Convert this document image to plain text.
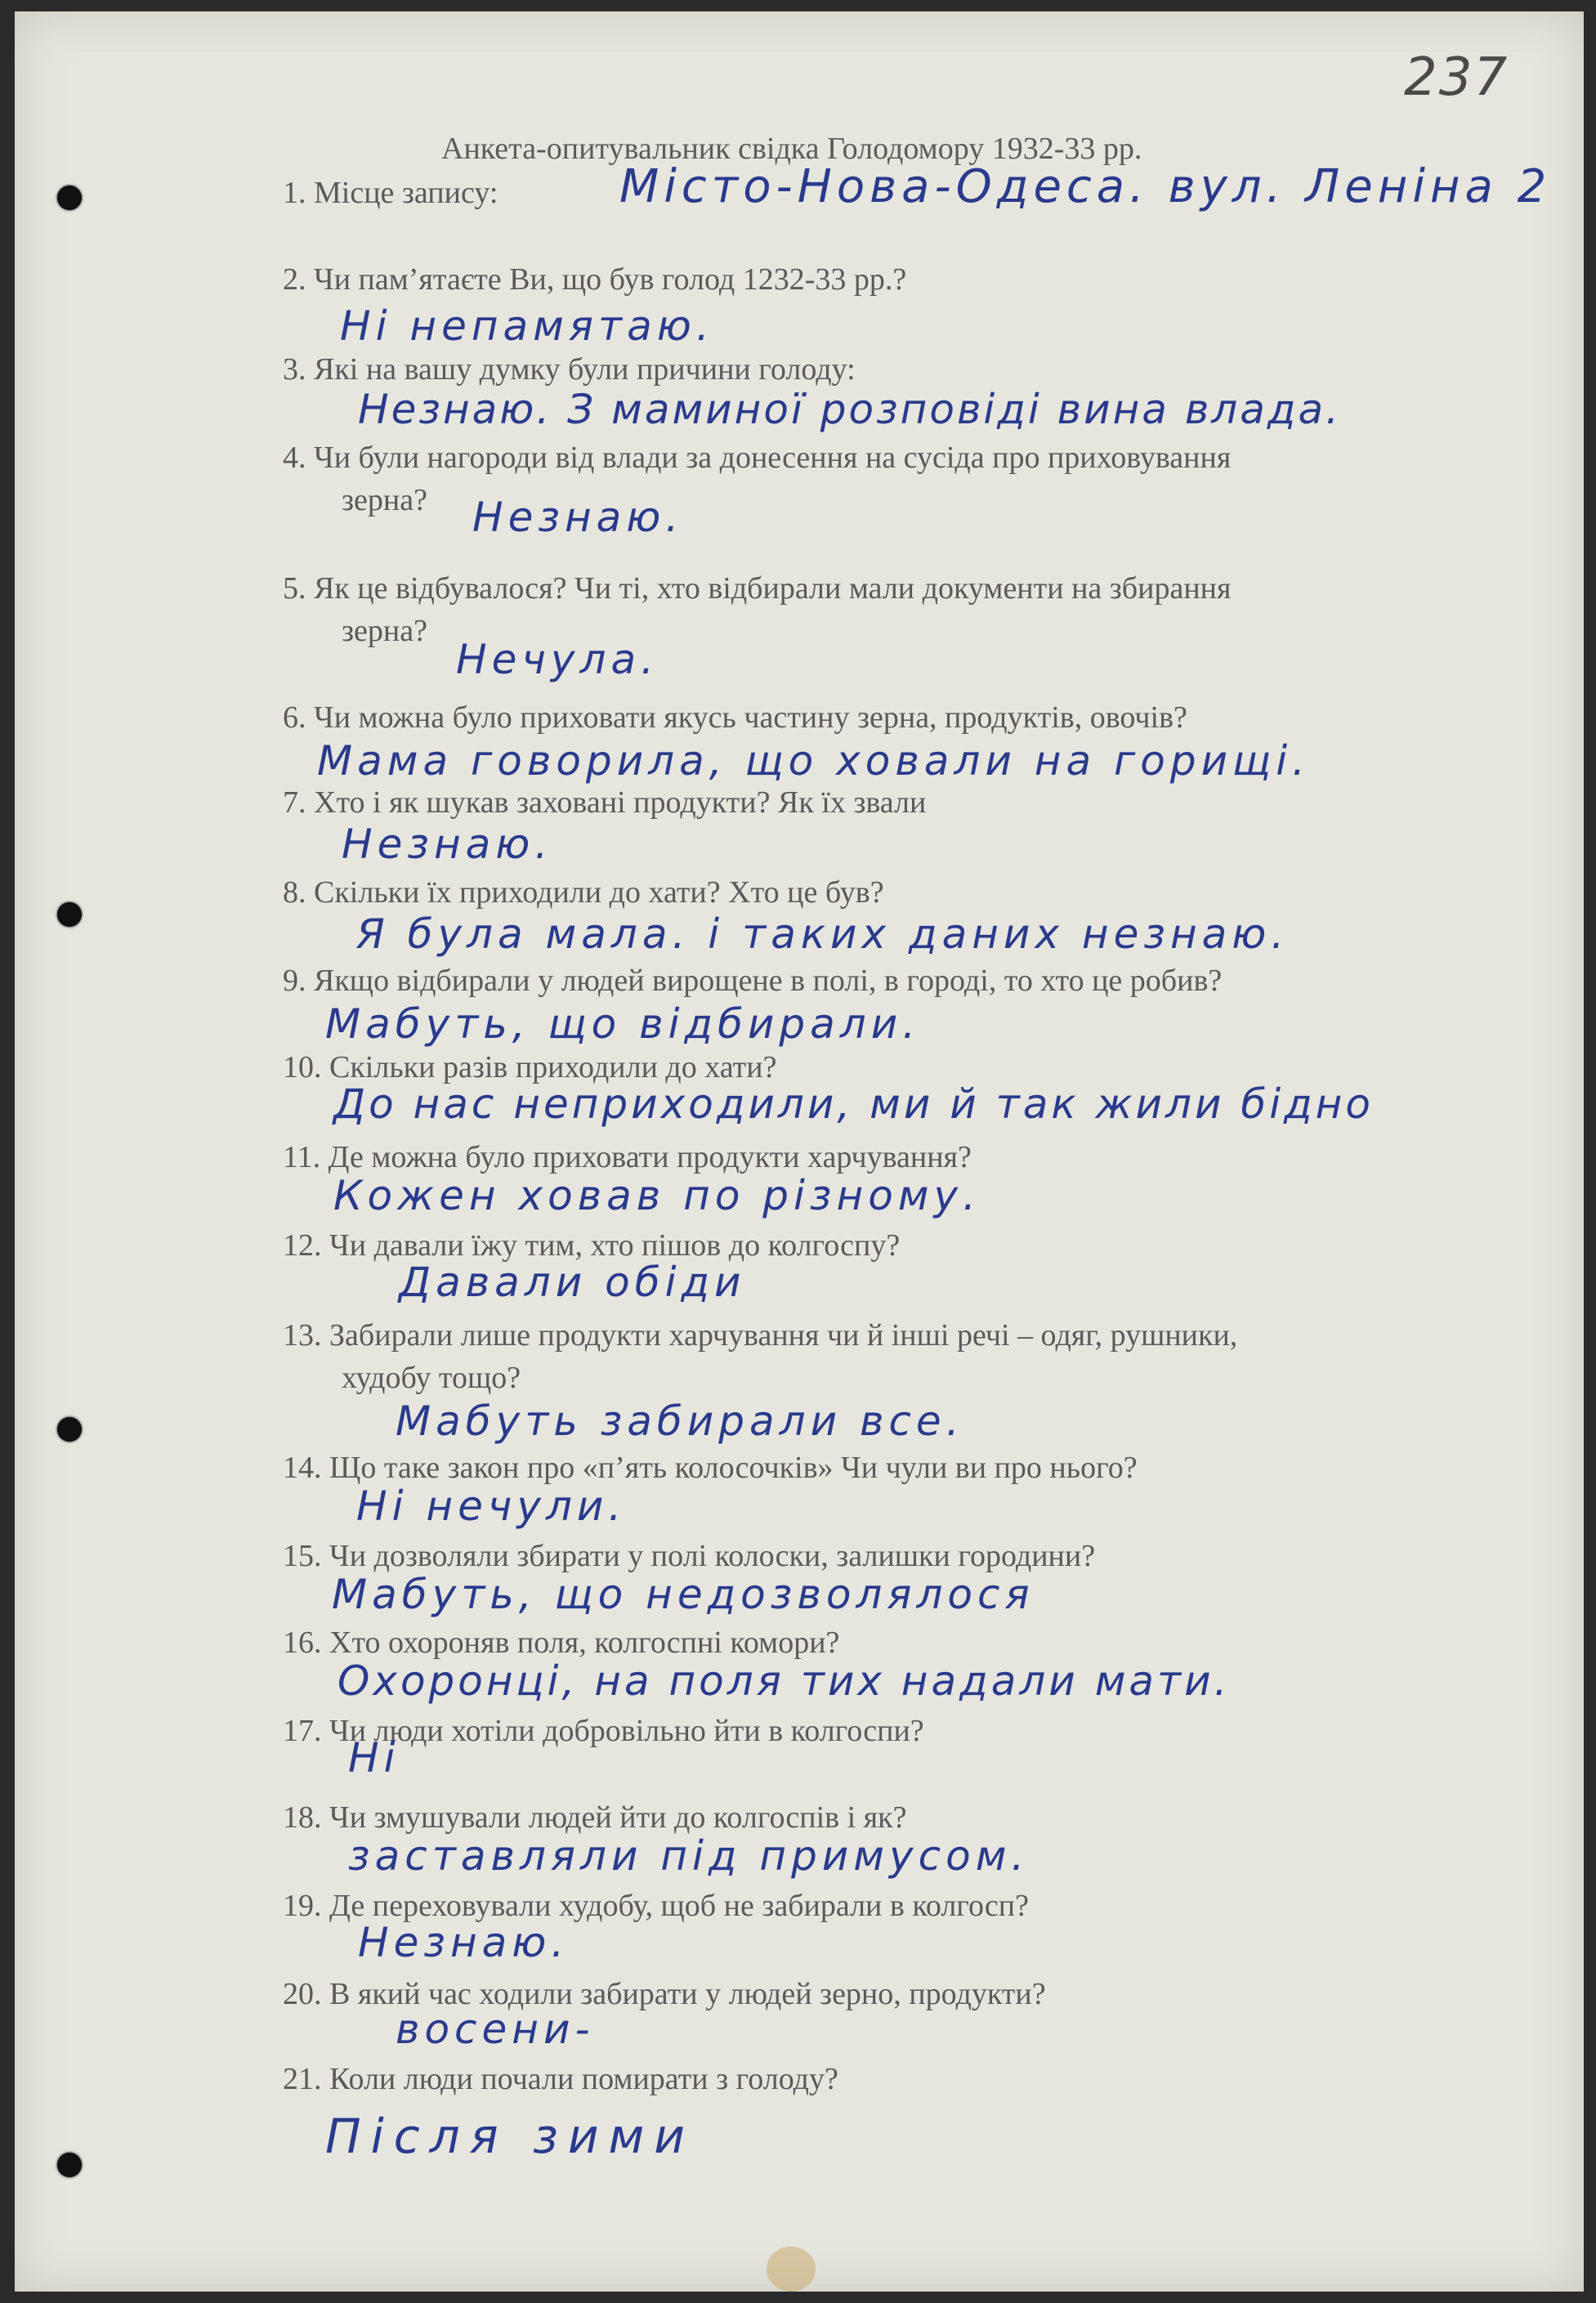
237
Анкета-опитувальник свідка Голодомору 1932-33 рр.
1. Місце запису:	Місто-Нова-Одеса. вул. Леніна 2
2. Чи пам’ятаєте Ви, що був голод 1232-33 рр.?
Ні непамятаю.
3. Які на вашу думку були причини голоду:
Незнаю. З маминої розповіді вина влада.
4. Чи були нагороди від влади за донесення на сусіда про приховування
зерна?	Незнаю.
5. Як це відбувалося? Чи ті, хто відбирали мали документи на збирання
зерна?
Нечула.
6. Чи можна було приховати якусь частину зерна, продуктів, овочів?
Мама говорила, що ховали на горищі.
7. Хто і як шукав заховані продукти? Як їх звали
Незнаю.
8. Скільки їх приходили до хати? Хто це був?
Я була мала. і таких даних незнаю.
9. Якщо відбирали у людей вирощене в полі, в городі, то хто це робив?
Мабуть, що відбирали.
10. Скільки разів приходили до хати?
До нас неприходили, ми й так жили бідно
11. Де можна було приховати продукти харчування?
Кожен ховав по різному.
12. Чи давали їжу тим, хто пішов до колгоспу?
Давали обіди
13. Забирали лише продукти харчування чи й інші речі – одяг, рушники,
худобу тощо?
Мабуть забирали все.
14. Що таке закон про «п’ять колосочків» Чи чули ви про нього?
Ні нечули.
15. Чи дозволяли збирати у полі колоски, залишки городини?
Мабуть, що недозволялося
16. Хто охороняв поля, колгоспні комори?
Охоронці, на поля тих надали мати.
17. Чи люди хотіли добровільно йти в колгоспи?
Ні
18. Чи змушували людей йти до колгоспів і як?
заставляли під примусом.
19. Де переховували худобу, щоб не забирали в колгосп?
Незнаю.
20. В який час ходили забирати у людей зерно, продукти?
восени-
21. Коли люди почали помирати з голоду?
Після зими
